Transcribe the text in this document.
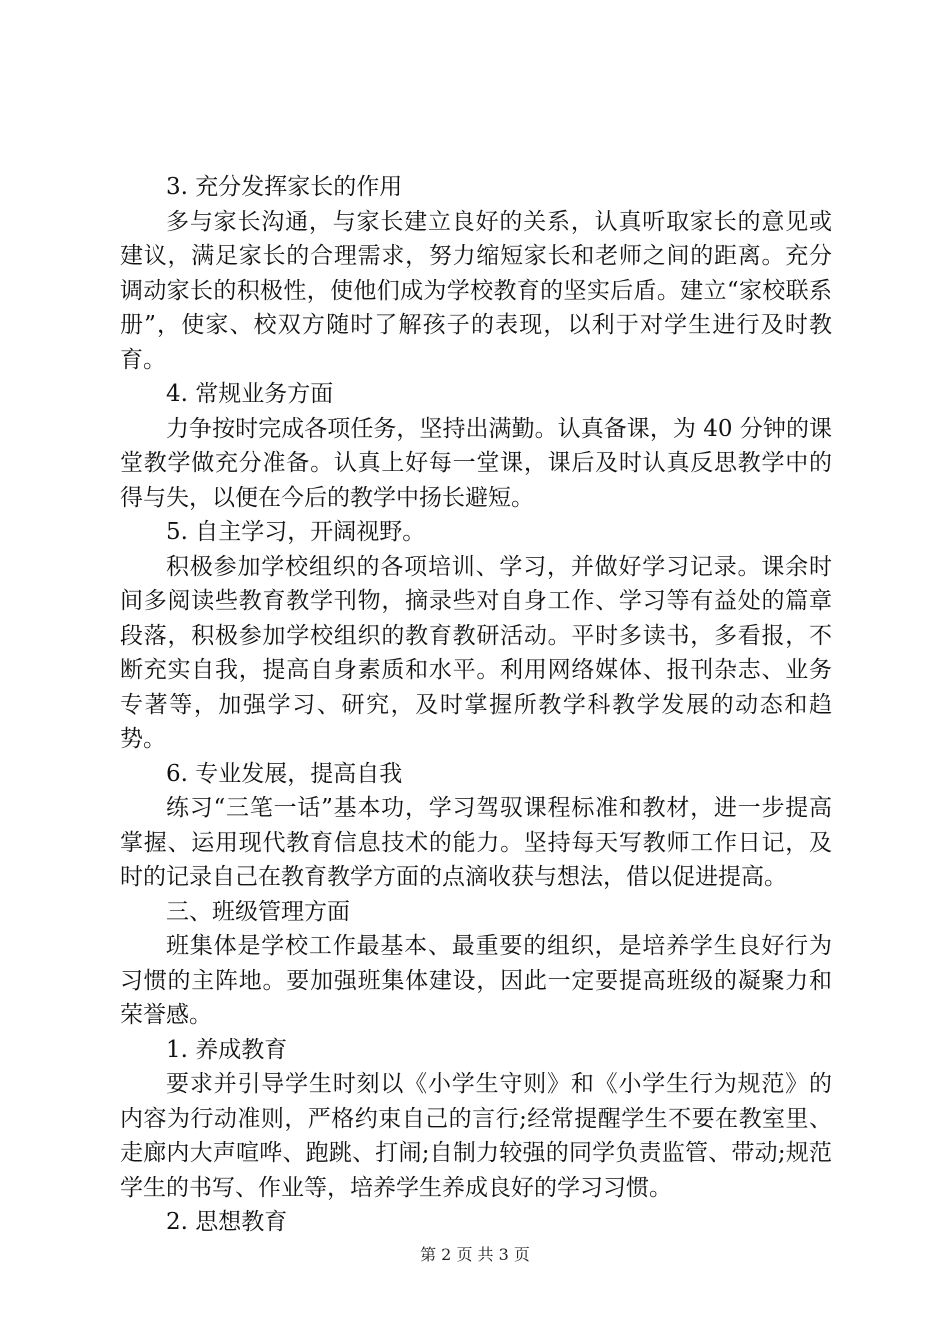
3. 充分发挥家长的作用

多与家长沟通，与家长建立良好的关系，认真听取家长的意见或建议，满足家长的合理需求，努力缩短家长和老师之间的距离。充分调动家长的积极性，使他们成为学校教育的坚实后盾。建立“家校联系册”，使家、校双方随时了解孩子的表现，以利于对学生进行及时教育。

4. 常规业务方面

力争按时完成各项任务，坚持出满勤。认真备课，为 40 分钟的课堂教学做充分准备。认真上好每一堂课，课后及时认真反思教学中的得与失，以便在今后的教学中扬长避短。

5. 自主学习，开阔视野。

积极参加学校组织的各项培训、学习，并做好学习记录。课余时间多阅读些教育教学刊物，摘录些对自身工作、学习等有益处的篇章段落，积极参加学校组织的教育教研活动。平时多读书，多看报，不断充实自我，提高自身素质和水平。利用网络媒体、报刊杂志、业务专著等，加强学习、研究，及时掌握所教学科教学发展的动态和趋势。

6. 专业发展，提高自我

练习“三笔一话”基本功，学习驾驭课程标准和教材，进一步提高掌握、运用现代教育信息技术的能力。坚持每天写教师工作日记，及时的记录自己在教育教学方面的点滴收获与想法，借以促进提高。

三、班级管理方面

班集体是学校工作最基本、最重要的组织，是培养学生良好行为习惯的主阵地。要加强班集体建设，因此一定要提高班级的凝聚力和荣誉感。

1. 养成教育

要求并引导学生时刻以《小学生守则》和《小学生行为规范》的内容为行动准则，严格约束自己的言行;经常提醒学生不要在教室里、走廊内大声喧哗、跑跳、打闹;自制力较强的同学负责监管、带动;规范学生的书写、作业等，培养学生养成良好的学习习惯。

2. 思想教育

第 2 页 共 3 页
